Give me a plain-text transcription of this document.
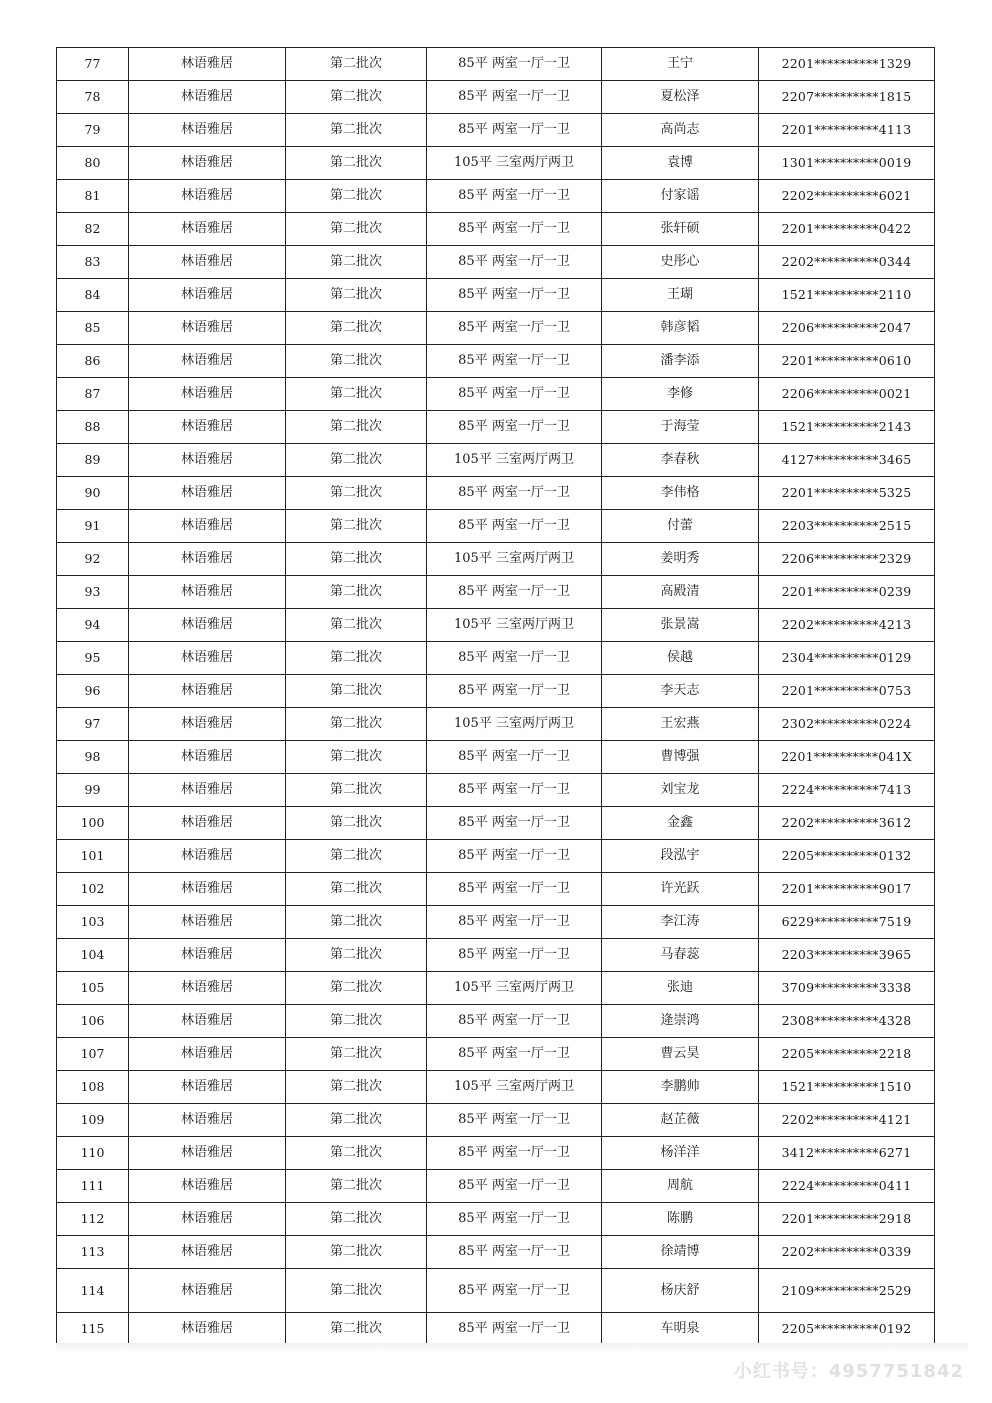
77	林语雅居	第二批次	85平 两室一厅一卫	王宁	2201**********1329
78	林语雅居	第二批次	85平 两室一厅一卫	夏松泽	2207**********1815
79	林语雅居	第二批次	85平 两室一厅一卫	高尚志	2201**********4113
80	林语雅居	第二批次	105平 三室两厅两卫	袁博	1301**********0019
81	林语雅居	第二批次	85平 两室一厅一卫	付家谣	2202**********6021
82	林语雅居	第二批次	85平 两室一厅一卫	张轩硕	2201**********0422
83	林语雅居	第二批次	85平 两室一厅一卫	史彤心	2202**********0344
84	林语雅居	第二批次	85平 两室一厅一卫	王瑚	1521**********2110
85	林语雅居	第二批次	85平 两室一厅一卫	韩彦韬	2206**********2047
86	林语雅居	第二批次	85平 两室一厅一卫	潘李添	2201**********0610
87	林语雅居	第二批次	85平 两室一厅一卫	李修	2206**********0021
88	林语雅居	第二批次	85平 两室一厅一卫	于海莹	1521**********2143
89	林语雅居	第二批次	105平 三室两厅两卫	李春秋	4127**********3465
90	林语雅居	第二批次	85平 两室一厅一卫	李伟格	2201**********5325
91	林语雅居	第二批次	85平 两室一厅一卫	付蕾	2203**********2515
92	林语雅居	第二批次	105平 三室两厅两卫	姜明秀	2206**********2329
93	林语雅居	第二批次	85平 两室一厅一卫	高殿清	2201**********0239
94	林语雅居	第二批次	105平 三室两厅两卫	张景嵩	2202**********4213
95	林语雅居	第二批次	85平 两室一厅一卫	侯越	2304**********0129
96	林语雅居	第二批次	85平 两室一厅一卫	李天志	2201**********0753
97	林语雅居	第二批次	105平 三室两厅两卫	王宏燕	2302**********0224
98	林语雅居	第二批次	85平 两室一厅一卫	曹博强	2201**********041X
99	林语雅居	第二批次	85平 两室一厅一卫	刘宝龙	2224**********7413
100	林语雅居	第二批次	85平 两室一厅一卫	金鑫	2202**********3612
101	林语雅居	第二批次	85平 两室一厅一卫	段泓宇	2205**********0132
102	林语雅居	第二批次	85平 两室一厅一卫	许光跃	2201**********9017
103	林语雅居	第二批次	85平 两室一厅一卫	李江涛	6229**********7519
104	林语雅居	第二批次	85平 两室一厅一卫	马春蕊	2203**********3965
105	林语雅居	第二批次	105平 三室两厅两卫	张迪	3709**********3338
106	林语雅居	第二批次	85平 两室一厅一卫	逄崇鸿	2308**********4328
107	林语雅居	第二批次	85平 两室一厅一卫	曹云昊	2205**********2218
108	林语雅居	第二批次	105平 三室两厅两卫	李鹏帅	1521**********1510
109	林语雅居	第二批次	85平 两室一厅一卫	赵芷薇	2202**********4121
110	林语雅居	第二批次	85平 两室一厅一卫	杨洋洋	3412**********6271
111	林语雅居	第二批次	85平 两室一厅一卫	周航	2224**********0411
112	林语雅居	第二批次	85平 两室一厅一卫	陈鹏	2201**********2918
113	林语雅居	第二批次	85平 两室一厅一卫	徐靖博	2202**********0339
114	林语雅居	第二批次	85平 两室一厅一卫	杨庆舒	2109**********2529
115	林语雅居	第二批次	85平 两室一厅一卫	车明泉	2205**********0192
小红书号：4957751842
